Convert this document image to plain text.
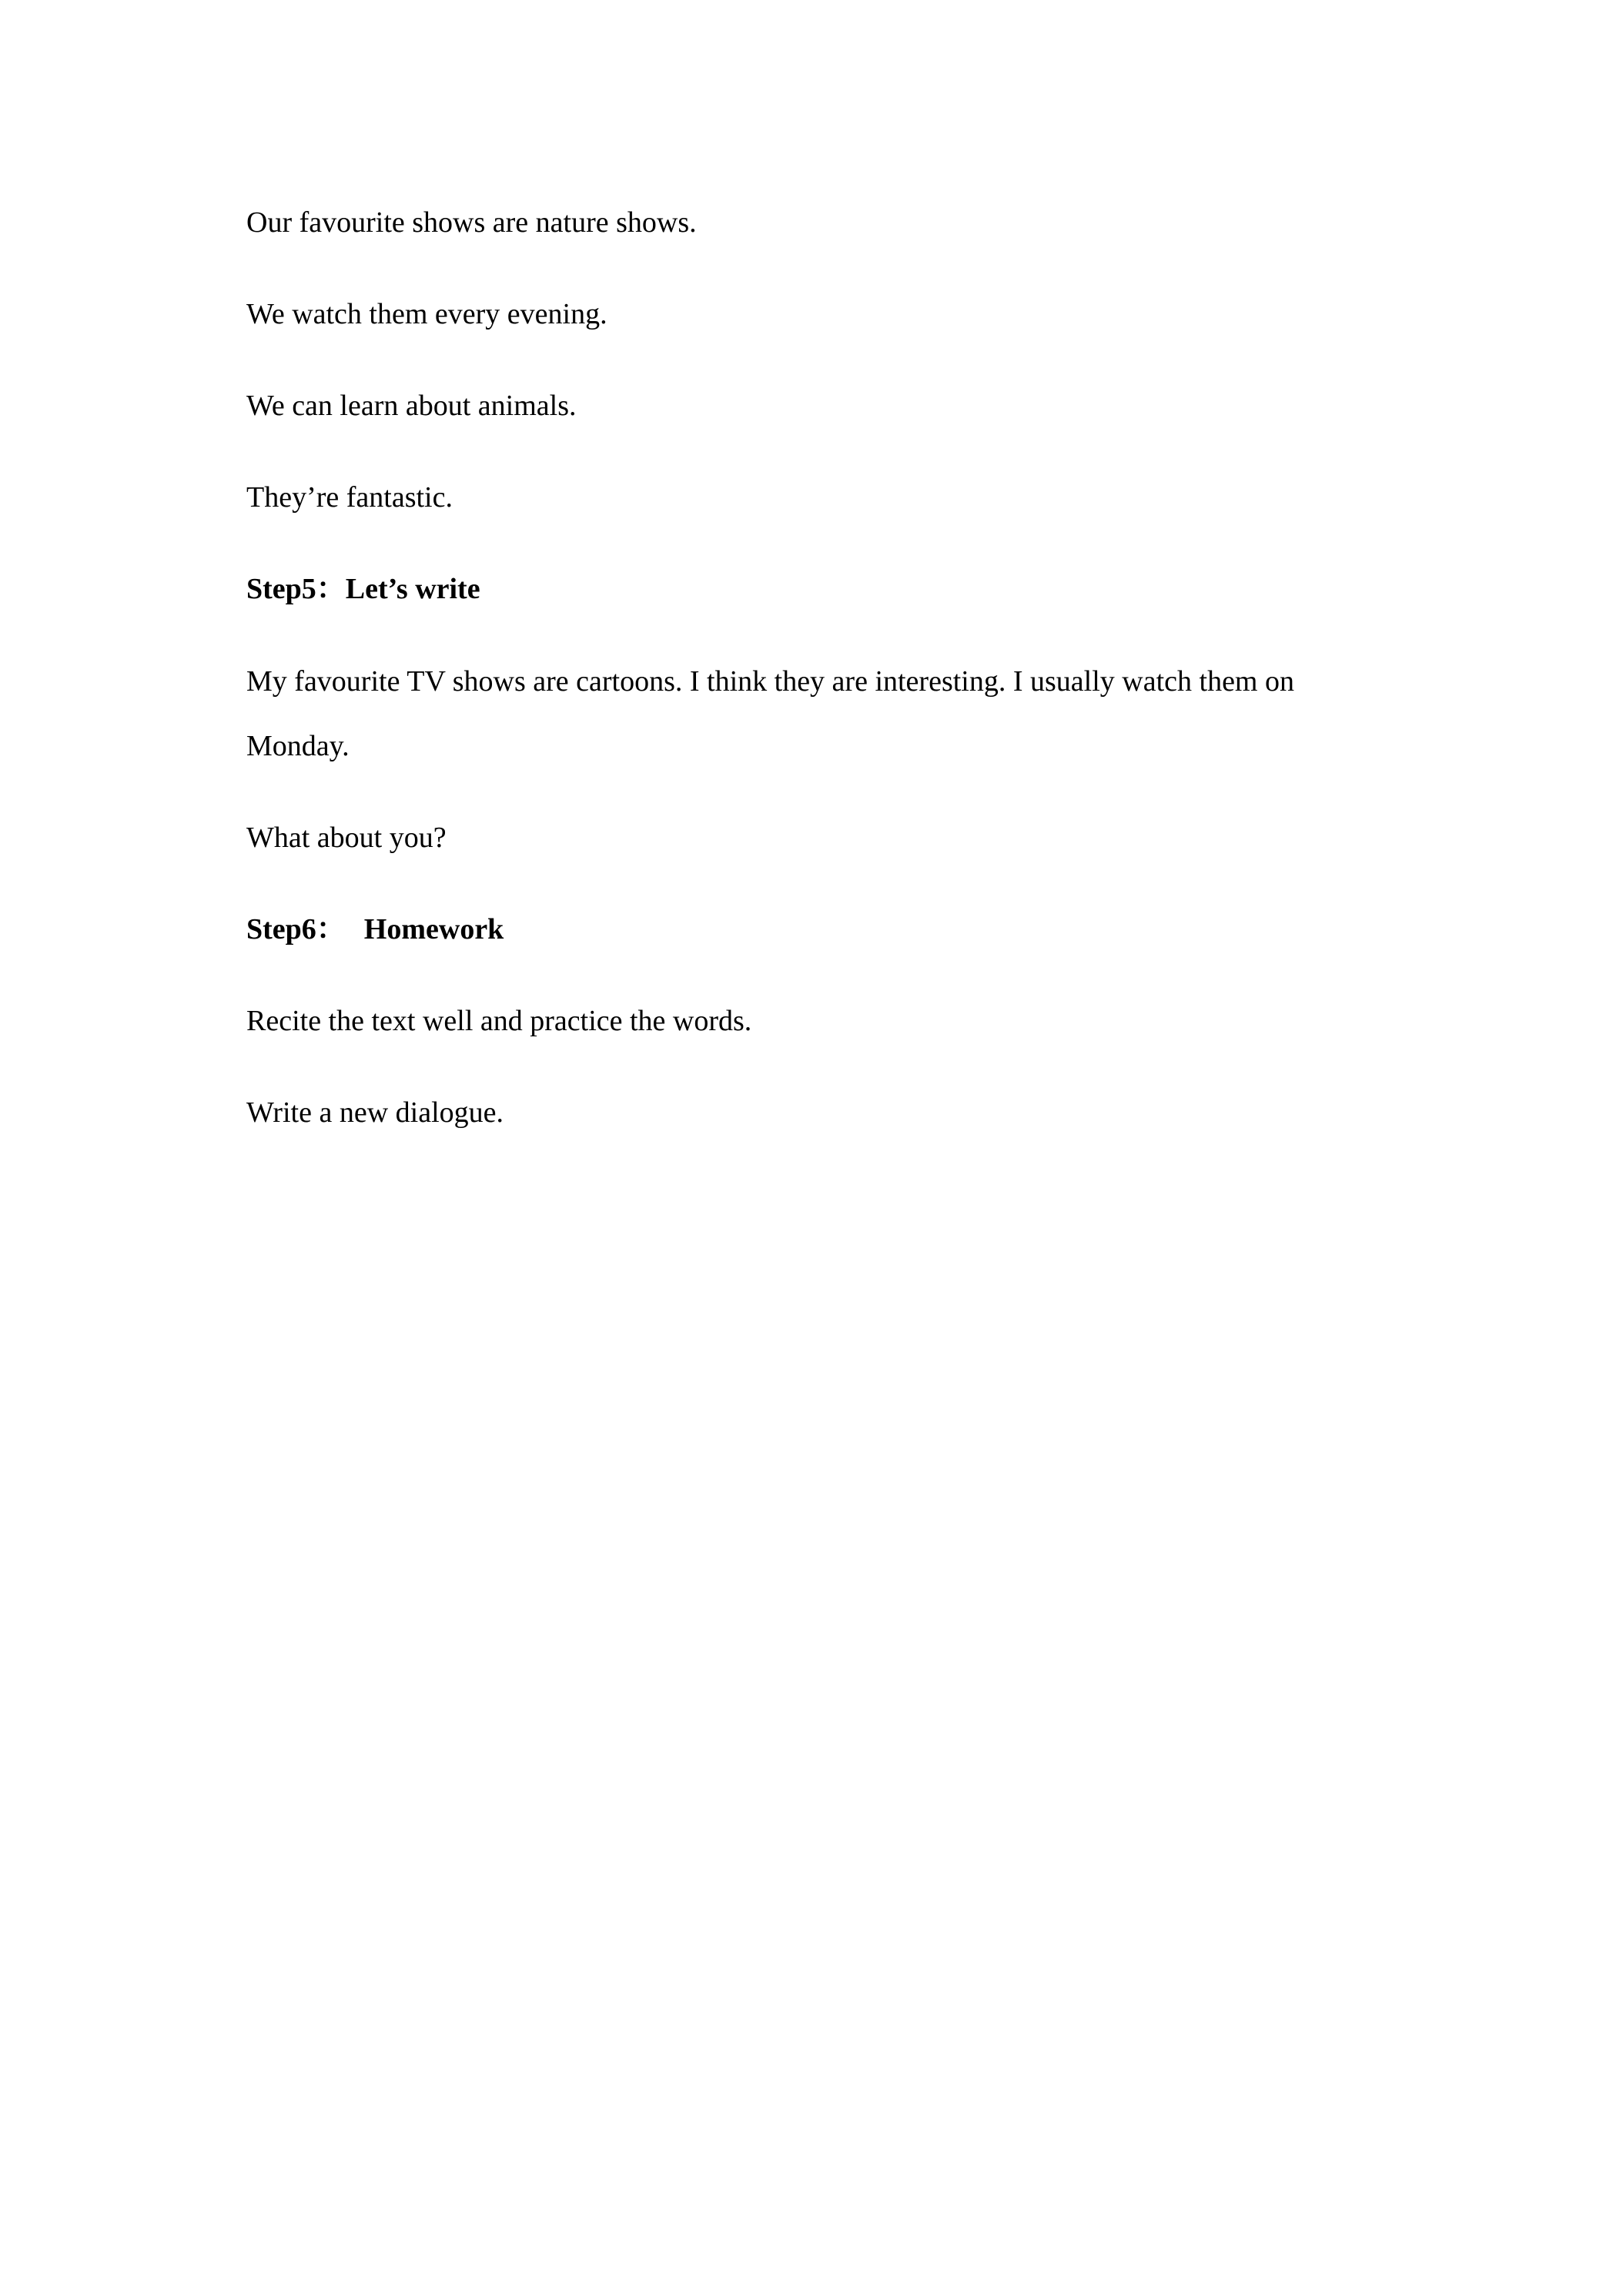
Our favourite shows are nature shows.

We watch them every evening.

We can learn about animals.

They’re fantastic.

Step5：Let’s write

My favourite TV shows are cartoons. I think they are interesting. I usually watch them on Monday.

What about you?

Step6： Homework

Recite the text well and practice the words.

Write a new dialogue.
